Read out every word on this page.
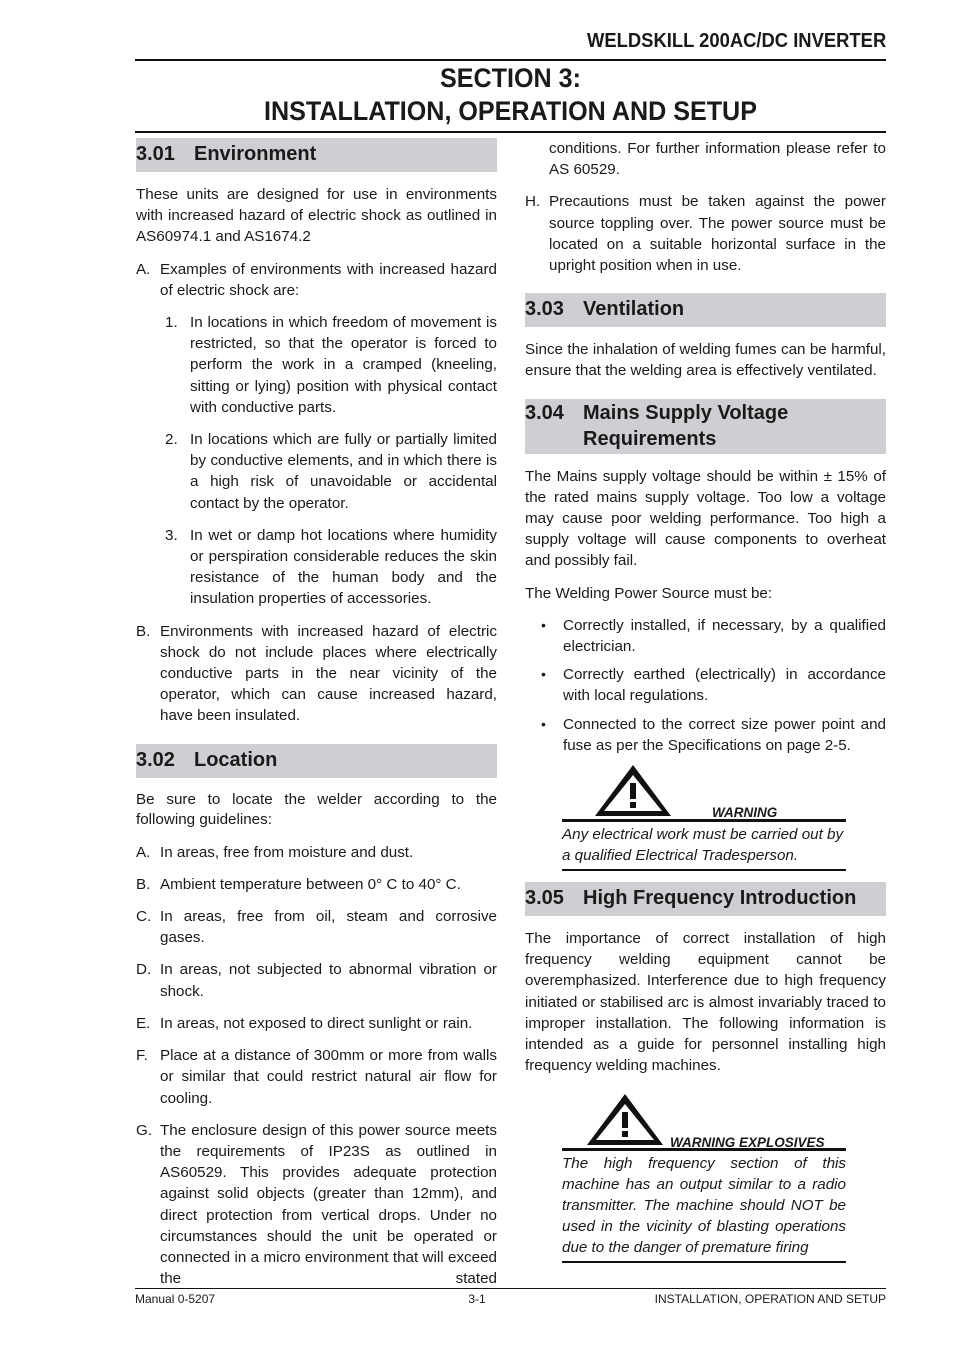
WELDSKILL 200AC/DC INVERTER
SECTION 3:
INSTALLATION, OPERATION AND SETUP
3.01 Environment

These units are designed for use in environments with increased hazard of electric shock as outlined in AS60974.1 and AS1674.2

A. Examples of environments with increased hazard of electric shock are:
1. In locations in which freedom of movement is restricted, so that the operator is forced to perform the work in a cramped (kneeling, sitting or lying) position with physical contact with conductive parts.
2. In locations which are fully or partially limited by conductive elements, and in which there is a high risk of unavoidable or accidental contact by the operator.
3. In wet or damp hot locations where humidity or perspiration considerable reduces the skin resistance of the human body and the insulation properties of accessories.
B. Environments with increased hazard of electric shock do not include places where electrically conductive parts in the near vicinity of the operator, which can cause increased hazard, have been insulated.
3.02 Location

Be sure to locate the welder according to the following guidelines:

A. In areas, free from moisture and dust.
B. Ambient temperature between 0° C to 40° C.
C. In areas, free from oil, steam and corrosive gases.
D. In areas, not subjected to abnormal vibration or shock.
E. In areas, not exposed to direct sunlight or rain.
F. Place at a distance of 300mm or more from walls or similar that could restrict natural air flow for cooling.
G. The enclosure design of this power source meets the requirements of IP23S as outlined in AS60529. This provides adequate protection against solid objects (greater than 12mm), and direct protection from vertical drops. Under no circumstances should the unit be operated or connected in a micro environment that will exceed the stated
conditions. For further information please refer to AS 60529.
H. Precautions must be taken against the power source toppling over. The power source must be located on a suitable horizontal surface in the upright position when in use.
3.03 Ventilation

Since the inhalation of welding fumes can be harmful, ensure that the welding area is effectively ventilated.

3.04 Mains Supply Voltage
Requirements

The Mains supply voltage should be within ± 15% of the rated mains supply voltage. Too low a voltage may cause poor welding performance. Too high a supply voltage will cause components to overheat and possibly fail.

The Welding Power Source must be:

•	Correctly installed, if necessary, by a qualified electrician.
•	Correctly earthed (electrically) in accordance with local regulations.
•	Connected to the correct size power point and fuse as per the Specifications on page 2-5.
WARNING
Any electrical work must be carried out by a qualified Electrical Tradesperson.
3.05 High Frequency Introduction

The importance of correct installation of high frequency welding equipment cannot be overemphasized. Interference due to high frequency initiated or stabilised arc is almost invariably traced to improper installation. The following information is intended as a guide for personnel installing high frequency welding machines.

WARNING EXPLOSIVES
The high frequency section of this machine has an output similar to a radio transmitter. The machine should NOT be used in the vicinity of blasting operations due to the danger of premature firing
Manual 0-5207	3-1	INSTALLATION, OPERATION AND SETUP
